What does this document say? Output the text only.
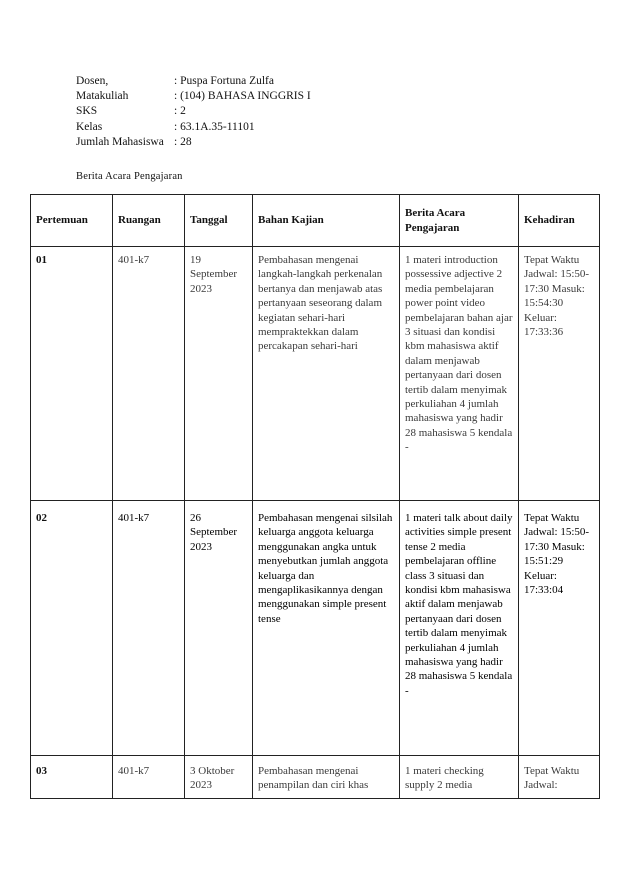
Dosen,	: Puspa Fortuna Zulfa
Matakuliah	: (104) BAHASA INGGRIS I
SKS	: 2
Kelas	: 63.1A.35-11101
Jumlah Mahasiswa : 28
Berita Acara Pengajaran
Pertemuan	Ruangan	Tanggal	Bahan Kajian	Berita Acara Pengajaran	Kehadiran
01	401-k7	19 September 2023	Pembahasan mengenai langkah-langkah perkenalan bertanya dan menjawab atas pertanyaan seseorang dalam kegiatan sehari-hari mempraktekkan dalam percakapan sehari-hari	1 materi introduction possessive adjective 2 media pembelajaran power point video pembelajaran bahan ajar 3 situasi dan kondisi kbm mahasiswa aktif dalam menjawab pertanyaan dari dosen tertib dalam menyimak perkuliahan 4 jumlah mahasiswa yang hadir 28 mahasiswa 5 kendala -	Tepat Waktu Jadwal: 15:50-17:30 Masuk: 15:54:30 Keluar: 17:33:36
02	401-k7	26 September 2023	Pembahasan mengenai silsilah keluarga anggota keluarga menggunakan angka untuk menyebutkan jumlah anggota keluarga dan mengaplikasikannya dengan menggunakan simple present tense	1 materi talk about daily activities simple present tense 2 media pembelajaran offline class 3 situasi dan kondisi kbm mahasiswa aktif dalam menjawab pertanyaan dari dosen tertib dalam menyimak perkuliahan 4 jumlah mahasiswa yang hadir 28 mahasiswa 5 kendala -	Tepat Waktu Jadwal: 15:50-17:30 Masuk: 15:51:29 Keluar: 17:33:04
03	401-k7	3 Oktober 2023	Pembahasan mengenai penampilan dan ciri khas	1 materi checking supply 2 media	Tepat Waktu Jadwal:
